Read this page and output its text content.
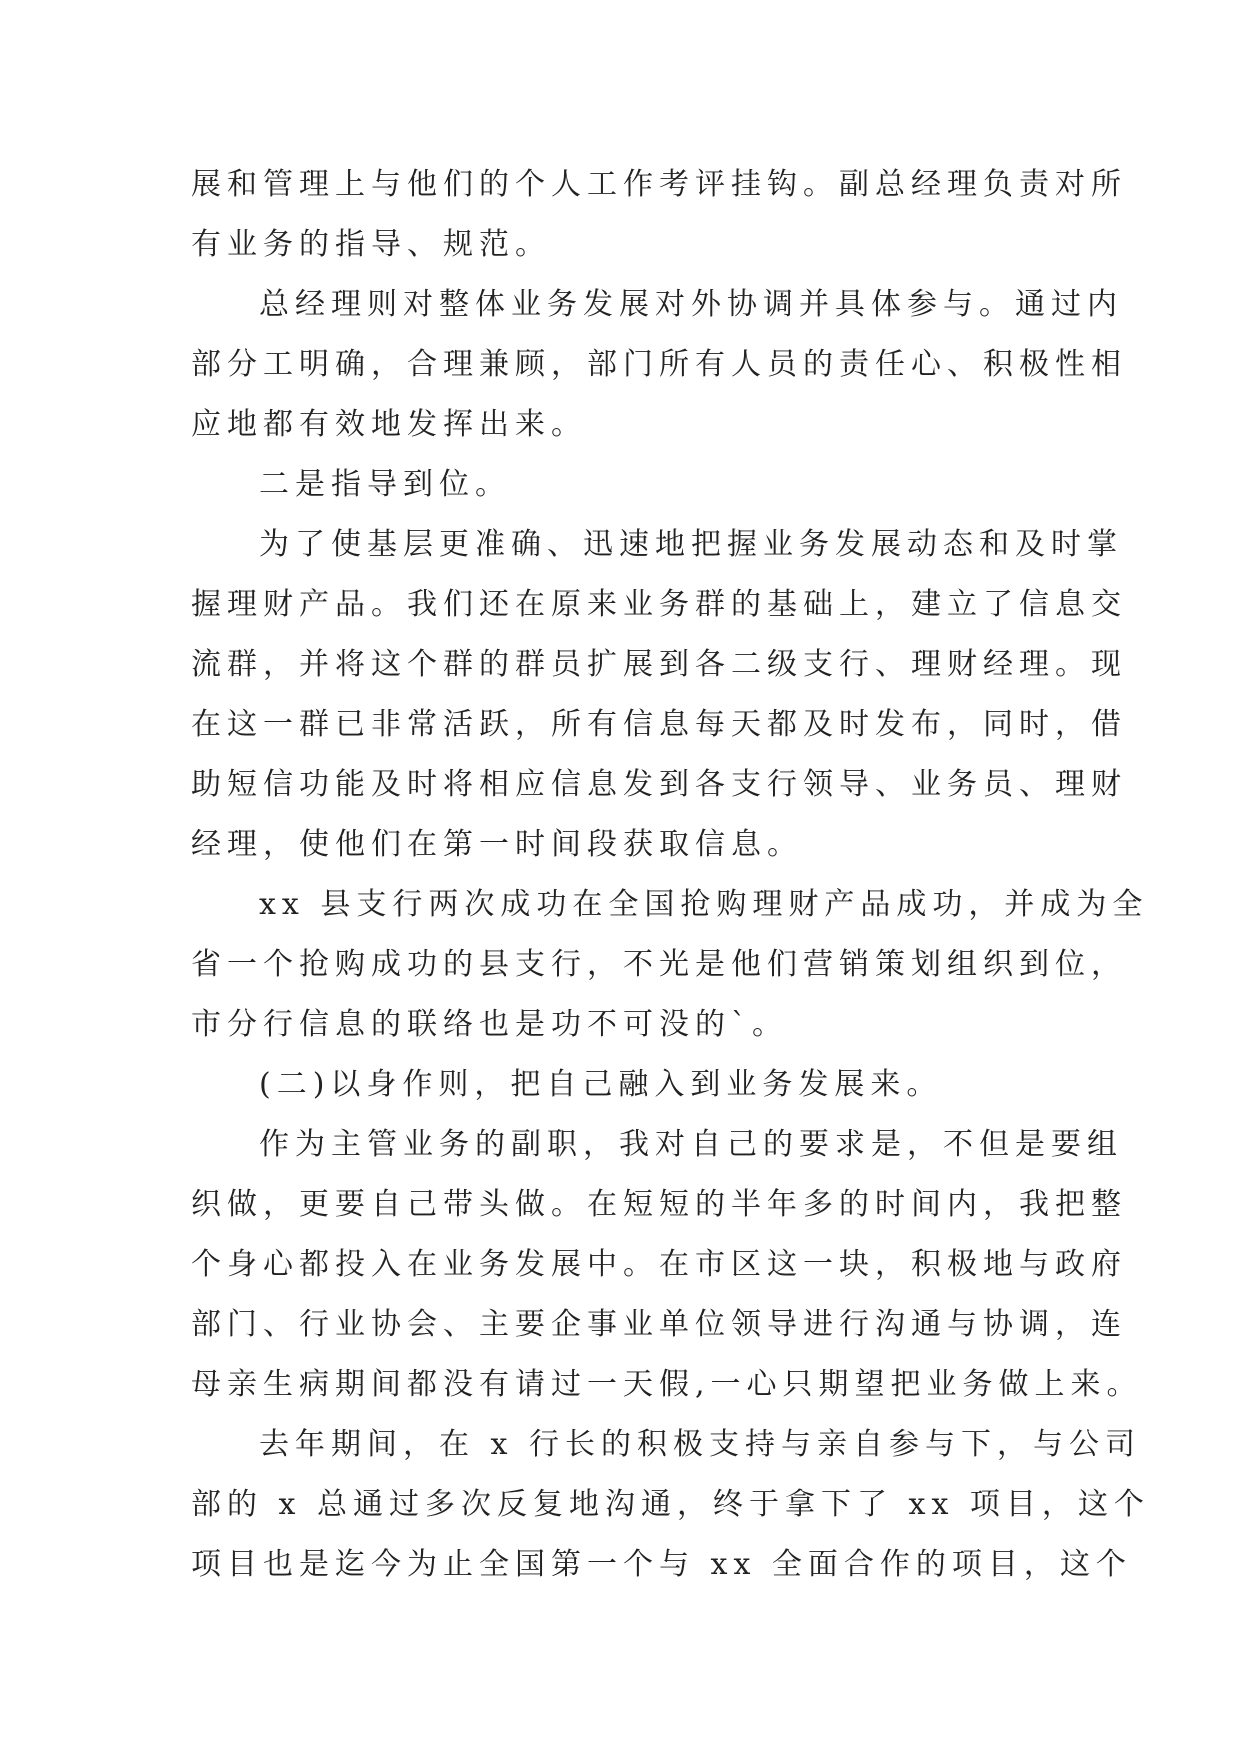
展和管理上与他们的个人工作考评挂钩。副总经理负责对所
有业务的指导、规范。
总经理则对整体业务发展对外协调并具体参与。通过内
部分工明确，合理兼顾，部门所有人员的责任心、积极性相
应地都有效地发挥出来。
二是指导到位。
为了使基层更准确、迅速地把握业务发展动态和及时掌
握理财产品。我们还在原来业务群的基础上，建立了信息交
流群，并将这个群的群员扩展到各二级支行、理财经理。现
在这一群已非常活跃，所有信息每天都及时发布，同时，借
助短信功能及时将相应信息发到各支行领导、业务员、理财
经理，使他们在第一时间段获取信息。
xx 县支行两次成功在全国抢购理财产品成功，并成为全
省一个抢购成功的县支行，不光是他们营销策划组织到位，
市分行信息的联络也是功不可没的`。
(二)以身作则，把自己融入到业务发展来。
作为主管业务的副职，我对自己的要求是，不但是要组
织做，更要自己带头做。在短短的半年多的时间内，我把整
个身心都投入在业务发展中。在市区这一块，积极地与政府
部门、行业协会、主要企事业单位领导进行沟通与协调，连
母亲生病期间都没有请过一天假,一心只期望把业务做上来。
去年期间，在 x 行长的积极支持与亲自参与下，与公司
部的 x 总通过多次反复地沟通，终于拿下了 xx 项目，这个
项目也是迄今为止全国第一个与 xx 全面合作的项目，这个
